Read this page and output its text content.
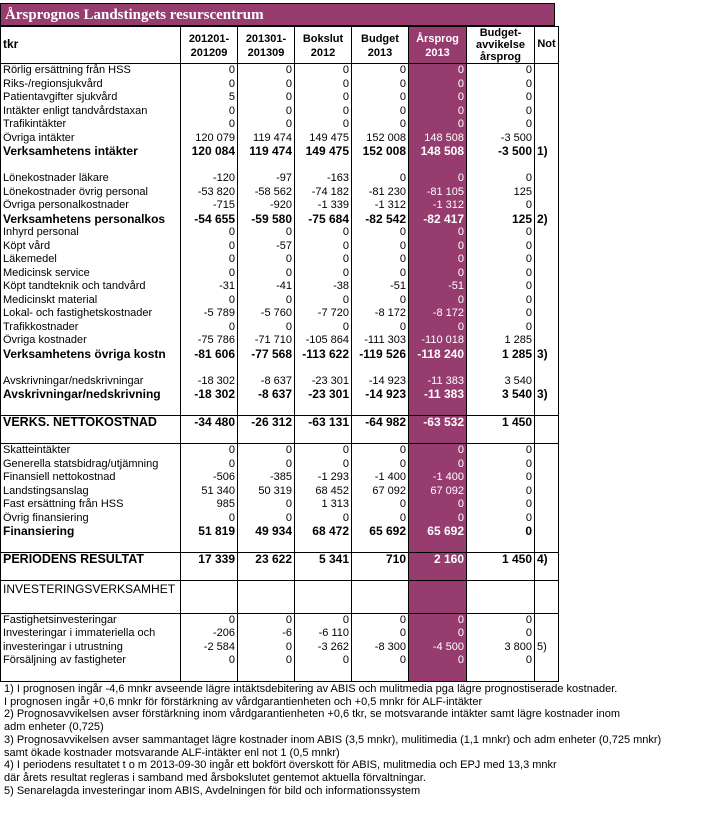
Årsprognos Landstingets resurscentrum
tkr	201201-201209	201301-201309	Bokslut 2012	Budget 2013	Årsprog 2013	Budget-avvikelse årsprog	Not
Rörlig ersättning från HSS	0	0	0	0	0	0	
Riks-/regionsjukvård	0	0	0	0	0	0	
Patientavgifter sjukvård	5	0	0	0	0	0	
Intäkter enligt tandvårdstaxan	0	0	0	0	0	0	
Trafikintäkter	0	0	0	0	0	0	
Övriga intäkter	120 079	119 474	149 475	152 008	148 508	-3 500	
Verksamhetens intäkter	120 084	119 474	149 475	152 008	148 508	-3 500	1)

Lönekostnader läkare	-120	-97	-163	0	0	0	
Lönekostnader övrig personal	-53 820	-58 562	-74 182	-81 230	-81 105	125	
Övriga personalkostnader	-715	-920	-1 339	-1 312	-1 312	0	
Verksamhetens personalkos	-54 655	-59 580	-75 684	-82 542	-82 417	125	2)
Inhyrd personal	0	0	0	0	0	0	
Köpt vård	0	-57	0	0	0	0	
Läkemedel	0	0	0	0	0	0	
Medicinsk service	0	0	0	0	0	0	
Köpt tandteknik och tandvård	-31	-41	-38	-51	-51	0	
Medicinskt material	0	0	0	0	0	0	
Lokal- och fastighetskostnader	-5 789	-5 760	-7 720	-8 172	-8 172	0	
Trafikkostnader	0	0	0	0	0	0	
Övriga kostnader	-75 786	-71 710	-105 864	-111 303	-110 018	1 285	
Verksamhetens övriga kostn	-81 606	-77 568	-113 622	-119 526	-118 240	1 285	3)

Avskrivningar/nedskrivningar	-18 302	-8 637	-23 301	-14 923	-11 383	3 540	
Avskrivningar/nedskrivning	-18 302	-8 637	-23 301	-14 923	-11 383	3 540	3)

VERKS. NETTOKOSTNAD	-34 480	-26 312	-63 131	-64 982	-63 532	1 450	

Skatteintäkter	0	0	0	0	0	0	
Generella statsbidrag/utjämning	0	0	0	0	0	0	
Finansiell nettokostnad	-506	-385	-1 293	-1 400	-1 400	0	
Landstingsanslag	51 340	50 319	68 452	67 092	67 092	0	
Fast ersättning från HSS	985	0	1 313	0	0	0	
Övrig finansiering	0	0	0	0	0	0	
Finansiering	51 819	49 934	68 472	65 692	65 692	0	

PERIODENS RESULTAT	17 339	23 622	5 341	710	2 160	1 450	4)

INVESTERINGSVERKSAMHET							

Fastighetsinvesteringar	0	0	0	0	0	0	
Investeringar i immateriella och	-206	-6	-6 110	0	0	0	
investeringar i utrustning	-2 584	0	-3 262	-8 300	-4 500	3 800	5)
Försäljning av fastigheter	0	0	0	0	0	0	

1) I prognosen ingår -4,6 mnkr avseende lägre intäktsdebitering av ABIS och mulitmedia pga lägre prognostiserade kostnader.
I prognosen ingår +0,6 mnkr för förstärkning av vårdgarantienheten och +0,5 mnkr för ALF-intäkter
2) Prognosavvikelsen avser förstärkning inom vårdgarantienheten +0,6 tkr, se motsvarande intäkter samt lägre kostnader inom
adm enheter (0,725)
3) Prognosavvikelsen avser sammantaget lägre kostnader inom ABIS (3,5 mnkr), mulitimedia (1,1 mnkr) och adm enheter (0,725 mnkr)
samt ökade kostnader motsvarande ALF-intäkter enl not 1 (0,5 mnkr)
4) I periodens resultatet t o m 2013-09-30 ingår ett bokfört överskott för ABIS, mulitmedia och EPJ med 13,3 mnkr
där årets resultat regleras i samband med årsbokslutet gentemot aktuella förvaltningar.
5) Senarelagda investeringar inom ABIS, Avdelningen för bild och informationssystem
